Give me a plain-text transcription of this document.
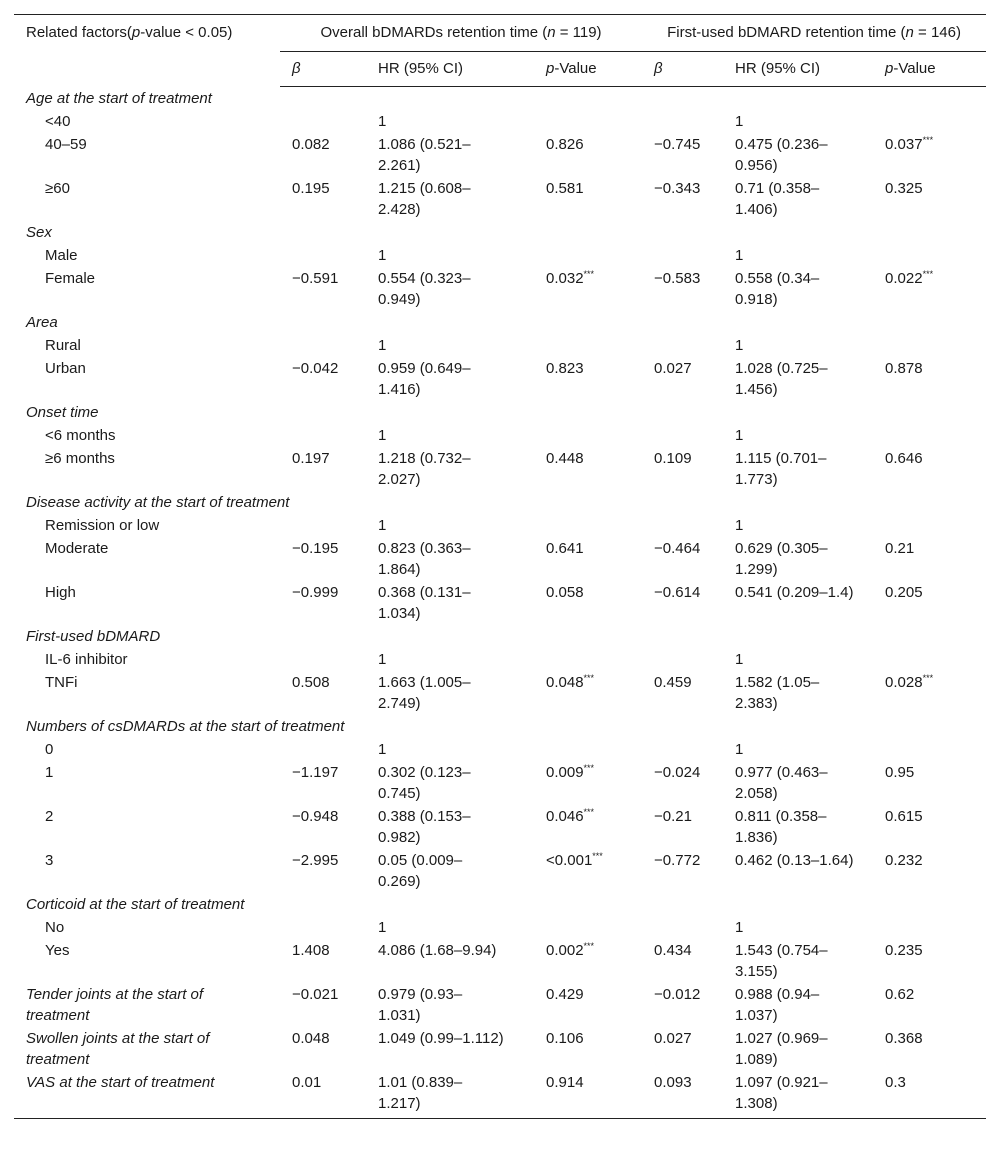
Related factors(p-value < 0.05)	Overall bDMARDs retention time (n = 119)			First-used bDMARD retention time (n = 146)		
	β	HR (95% CI)	p-Value	β	HR (95% CI)	p-Value
Age at the start of treatment						
<40		1			1	
40–59	0.082	1.086 (0.521–2.261)	0.826	−0.745	0.475 (0.236–0.956)	0.037***
≥60	0.195	1.215 (0.608–2.428)	0.581	−0.343	0.71 (0.358–1.406)	0.325
Sex						
Male		1			1	
Female	−0.591	0.554 (0.323–0.949)	0.032***	−0.583	0.558 (0.34–0.918)	0.022***
Area						
Rural		1			1	
Urban	−0.042	0.959 (0.649–1.416)	0.823	0.027	1.028 (0.725–1.456)	0.878
Onset time						
<6 months		1			1	
≥6 months	0.197	1.218 (0.732–2.027)	0.448	0.109	1.115 (0.701–1.773)	0.646
Disease activity at the start of treatment						
Remission or low		1			1	
Moderate	−0.195	0.823 (0.363–1.864)	0.641	−0.464	0.629 (0.305–1.299)	0.21
High	−0.999	0.368 (0.131–1.034)	0.058	−0.614	0.541 (0.209–1.4)	0.205
First-used bDMARD						
IL-6 inhibitor		1			1	
TNFi	0.508	1.663 (1.005–2.749)	0.048***	0.459	1.582 (1.05–2.383)	0.028***
Numbers of csDMARDs at the start of treatment						
0		1			1	
1	−1.197	0.302 (0.123–0.745)	0.009***	−0.024	0.977 (0.463–2.058)	0.95
2	−0.948	0.388 (0.153–0.982)	0.046***	−0.21	0.811 (0.358–1.836)	0.615
3	−2.995	0.05 (0.009–0.269)	<0.001***	−0.772	0.462 (0.13–1.64)	0.232
Corticoid at the start of treatment						
No		1			1	
Yes	1.408	4.086 (1.68–9.94)	0.002***	0.434	1.543 (0.754–3.155)	0.235
Tender joints at the start of treatment	−0.021	0.979 (0.93–1.031)	0.429	−0.012	0.988 (0.94–1.037)	0.62
Swollen joints at the start of treatment	0.048	1.049 (0.99–1.112)	0.106	0.027	1.027 (0.969–1.089)	0.368
VAS at the start of treatment	0.01	1.01 (0.839–1.217)	0.914	0.093	1.097 (0.921–1.308)	0.3
